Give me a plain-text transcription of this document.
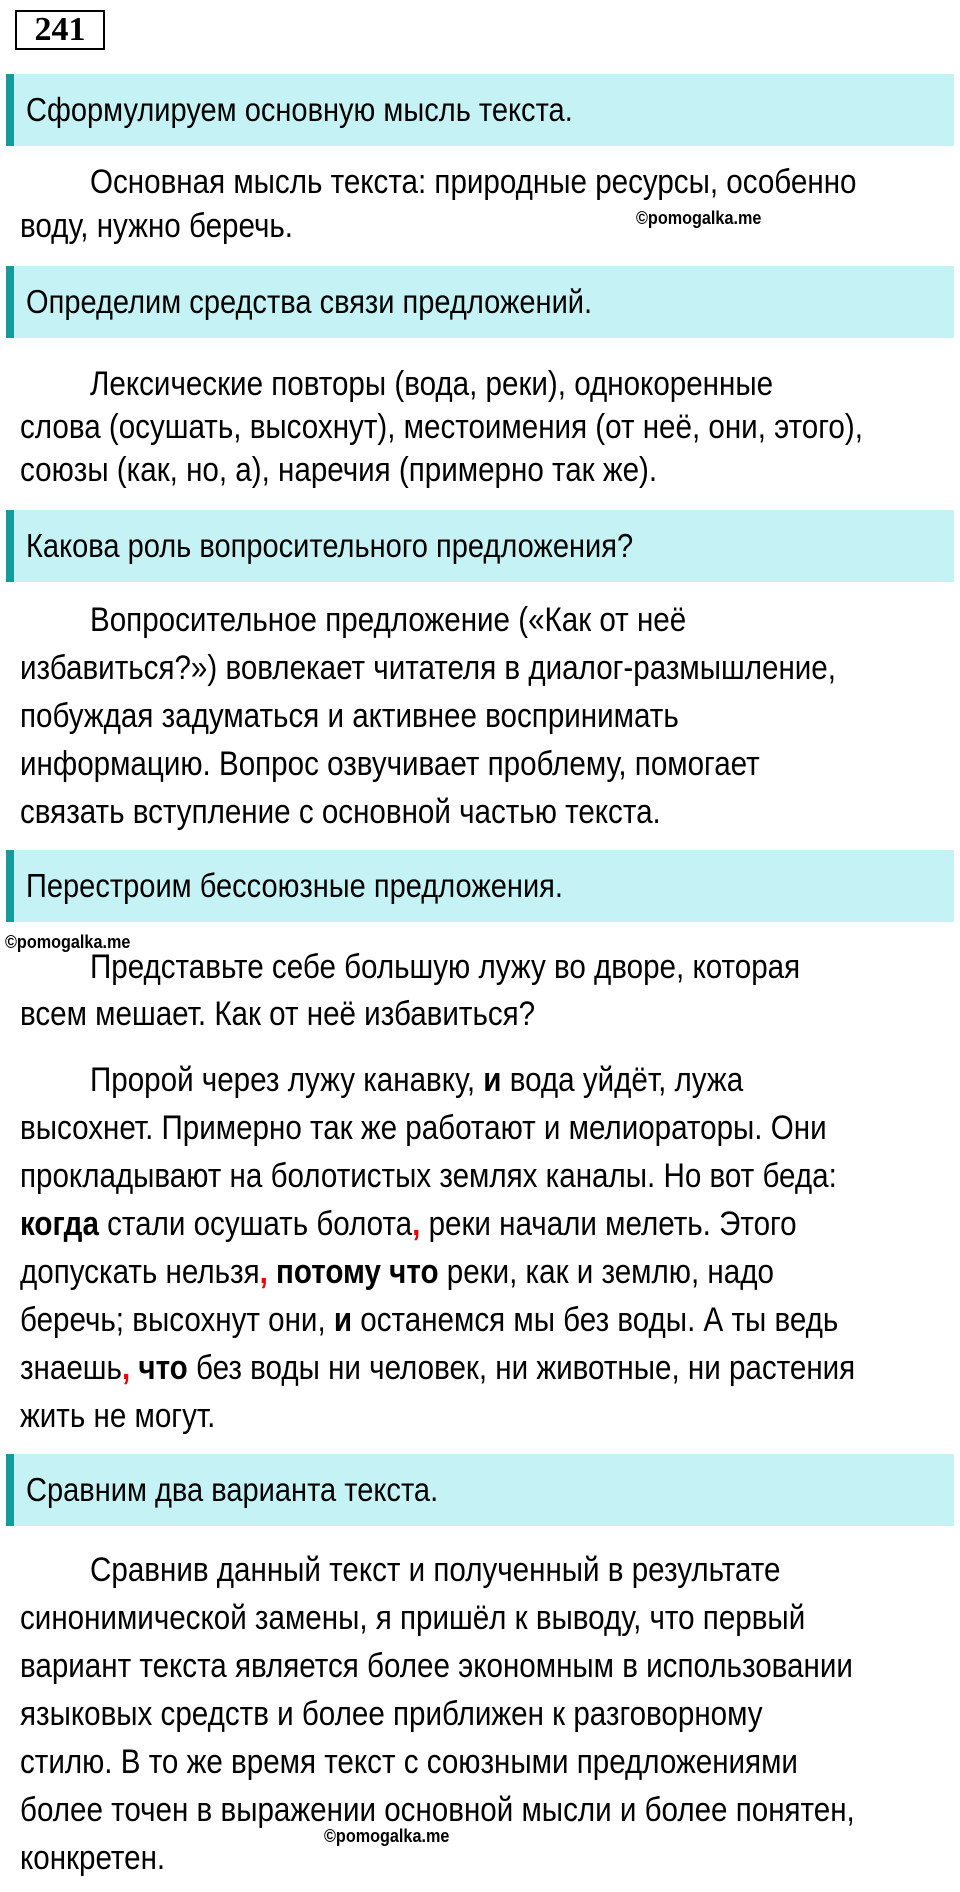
241
Сформулируем основную мысль текста.
Основная мысль текста: природные ресурсы, особенно
воду, нужно беречь.	©pomogalka.me
Определим средства связи предложений.
Лексические повторы (вода, реки), однокоренные
слова (осушать, высохнут), местоимения (от неё, они, этого),
союзы (как, но, а), наречия (примерно так же).
Какова роль вопросительного предложения?
Вопросительное предложение («Как от неё
избавиться?») вовлекает читателя в диалог-размышление,
побуждая задуматься и активнее воспринимать
информацию. Вопрос озвучивает проблему, помогает
связать вступление с основной частью текста.
Перестроим бессоюзные предложения.
©pomogalka.me
Представьте себе большую лужу во дворе, которая
всем мешает. Как от неё избавиться?
Пророй через лужу канавку, и вода уйдёт, лужа
высохнет. Примерно так же работают и мелиораторы. Они
прокладывают на болотистых землях каналы. Но вот беда:
когда стали осушать болота, реки начали мелеть. Этого
допускать нельзя, потому что реки, как и землю, надо
беречь; высохнут они, и останемся мы без воды. А ты ведь
знаешь, что без воды ни человек, ни животные, ни растения
жить не могут.
Сравним два варианта текста.
Сравнив данный текст и полученный в результате
синонимической замены, я пришёл к выводу, что первый
вариант текста является более экономным в использовании
языковых средств и более приближен к разговорному
стилю. В то же время текст с союзными предложениями
более точен в выражении основной мысли и более понятен,
конкретен.
©pomogalka.me
